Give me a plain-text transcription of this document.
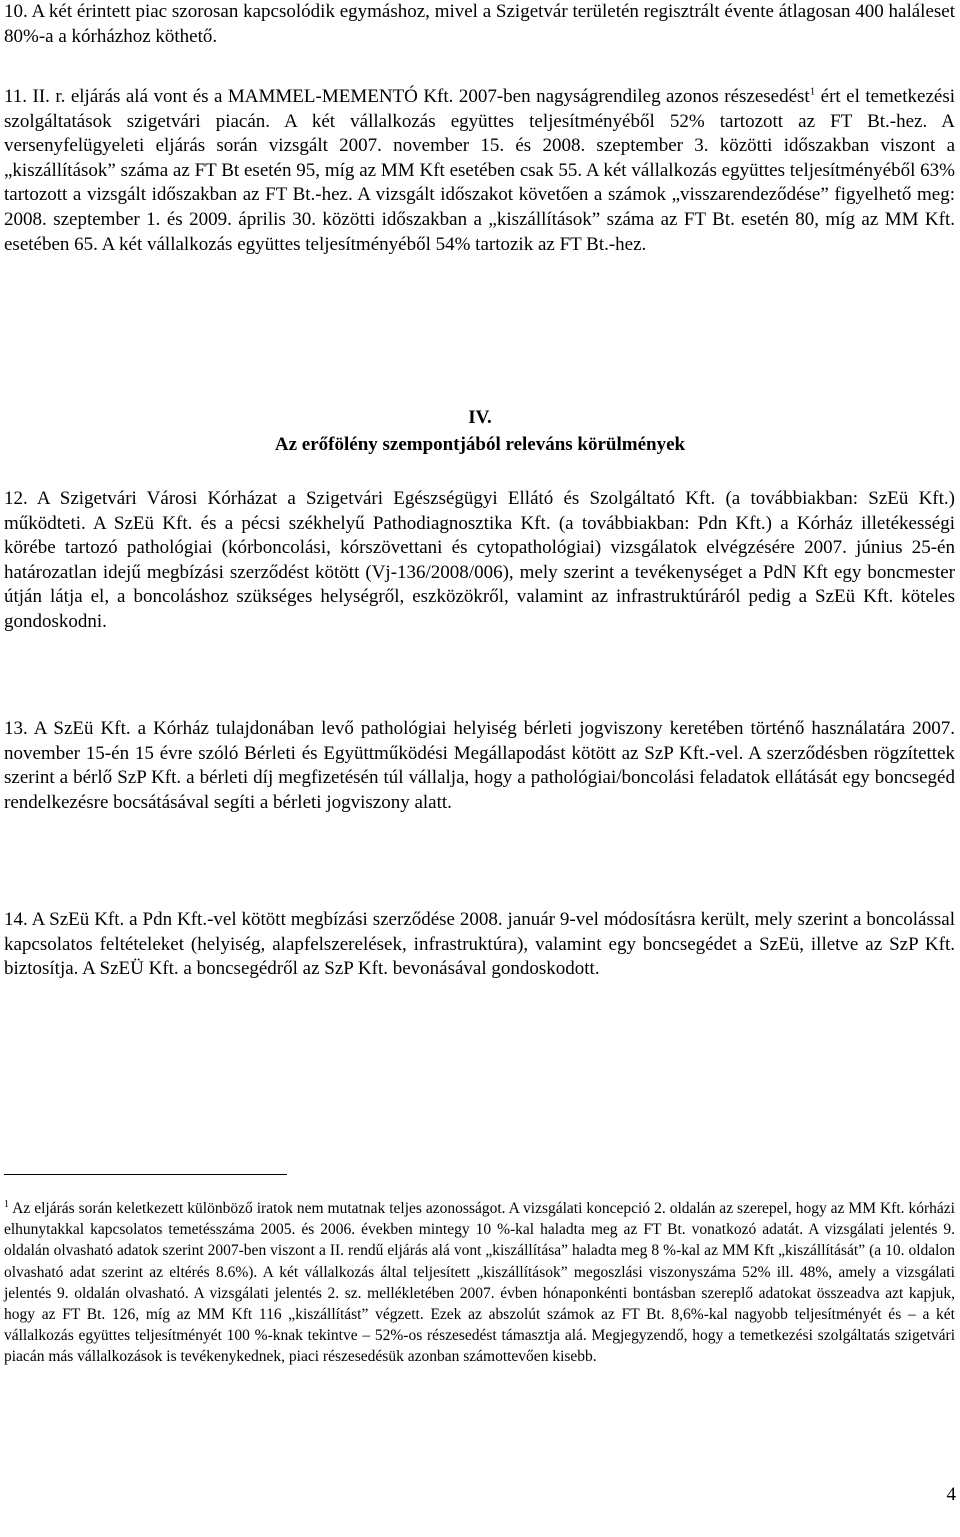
10. A két érintett piac szorosan kapcsolódik egymáshoz, mivel a Szigetvár területén regisztrált évente átlagosan 400 haláleset 80%-a a kórházhoz köthető.

11. II. r. eljárás alá vont és a MAMMEL-MEMENTÓ Kft. 2007-ben nagyságrendileg azonos részesedést$^1$ ért el temetkezési szolgáltatások szigetvári piacán. A két vállalkozás együttes teljesítményéből 52% tartozott az FT Bt.-hez. A versenyfelügyeleti eljárás során vizsgált 2007. november 15. és 2008. szeptember 3. közötti időszakban viszont a „kiszállítások” száma az FT Bt esetén 95, míg az MM Kft esetében csak 55. A két vállalkozás együttes teljesítményéből 63% tartozott a vizsgált időszakban az FT Bt.-hez. A vizsgált időszakot követően a számok „visszarendeződése” figyelhető meg: 2008. szeptember 1. és 2009. április 30. közötti időszakban a „kiszállítások” száma az FT Bt. esetén 80, míg az MM Kft. esetében 65. A két vállalkozás együttes teljesítményéből 54% tartozik az FT Bt.-hez.

IV.

Az erőfölény szempontjából releváns körülmények

12. A Szigetvári Városi Kórházat a Szigetvári Egészségügyi Ellátó és Szolgáltató Kft. (a továbbiakban: SzEü Kft.) működteti. A SzEü Kft. és a pécsi székhelyű Pathodiagnosztika Kft. (a továbbiakban: Pdn Kft.) a Kórház illetékességi körébe tartozó pathológiai (kórboncolási, kórszövettani és cytopathológiai) vizsgálatok elvégzésére 2007. június 25-én határozatlan idejű megbízási szerződést kötött (Vj-136/2008/006), mely szerint a tevékenységet a PdN Kft egy boncmester útján látja el, a boncoláshoz szükséges helységről, eszközökről, valamint az infrastruktúráról pedig a SzEü Kft. köteles gondoskodni.

13. A SzEü Kft. a Kórház tulajdonában levő pathológiai helyiség bérleti jogviszony keretében történő használatára 2007. november 15-én 15 évre szóló Bérleti és Együttműködési Megállapodást kötött az SzP Kft.-vel. A szerződésben rögzítettek szerint a bérlő SzP Kft. a bérleti díj megfizetésén túl vállalja, hogy a pathológiai/boncolási feladatok ellátását egy boncsegéd rendelkezésre bocsátásával segíti a bérleti jogviszony alatt.

14. A SzEü Kft. a Pdn Kft.-vel kötött megbízási szerződése 2008. január 9-vel módosításra került, mely szerint a boncolással kapcsolatos feltételeket (helyiség, alapfelszerelések, infrastruktúra), valamint egy boncsegédet a SzEü, illetve az SzP Kft. biztosítja. A SzEÜ Kft. a boncsegédről az SzP Kft. bevonásával gondoskodott.

$^1$ Az eljárás során keletkezett különböző iratok nem mutatnak teljes azonosságot. A vizsgálati koncepció 2. oldalán az szerepel, hogy az MM Kft. kórházi elhunytakkal kapcsolatos temetésszáma 2005. és 2006. években mintegy 10 %-kal haladta meg az FT Bt. vonatkozó adatát. A vizsgálati jelentés 9. oldalán olvasható adatok szerint 2007-ben viszont a II. rendű eljárás alá vont „kiszállítása” haladta meg 8 %-kal az MM Kft „kiszállítását” (a 10. oldalon olvasható adat szerint az eltérés 8.6%). A két vállalkozás által teljesített „kiszállítások” megoszlási viszonyszáma 52% ill. 48%, amely a vizsgálati jelentés 9. oldalán olvasható. A vizsgálati jelentés 2. sz. mellékletében 2007. évben hónaponkénti bontásban szereplő adatokat összeadva azt kapjuk, hogy az FT Bt. 126, míg az MM Kft 116 „kiszállítást” végzett. Ezek az abszolút számok az FT Bt. 8,6%-kal nagyobb teljesítményét és – a két vállalkozás együttes teljesítményét 100 %-knak tekintve – 52%-os részesedést támasztja alá. Megjegyzendő, hogy a temetkezési szolgáltatás szigetvári piacán más vállalkozások is tevékenykednek, piaci részesedésük azonban számottevően kisebb.

4
